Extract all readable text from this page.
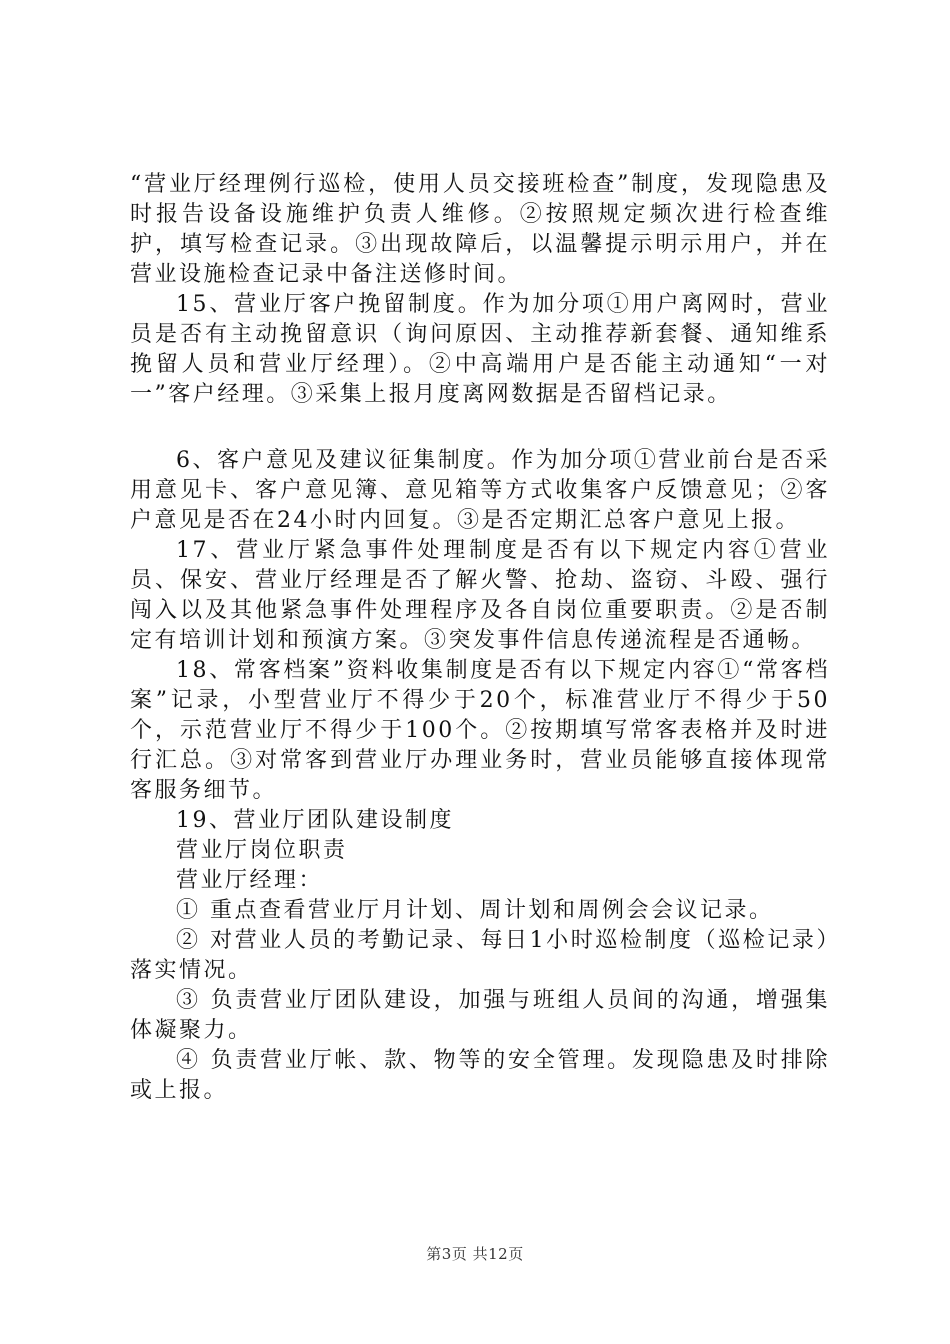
“营业厅经理例行巡检，使用人员交接班检查”制度，发现隐患及时报告设备设施维护负责人维修。②按照规定频次进行检查维护，填写检查记录。③出现故障后，以温馨提示明示用户，并在营业设施检查记录中备注送修时间。

15、营业厅客户挽留制度。作为加分项①用户离网时，营业员是否有主动挽留意识（询问原因、主动推荐新套餐、通知维系挽留人员和营业厅经理）。②中高端用户是否能主动通知“一对一”客户经理。③采集上报月度离网数据是否留档记录。

6、客户意见及建议征集制度。作为加分项①营业前台是否采用意见卡、客户意见簿、意见箱等方式收集客户反馈意见；②客户意见是否在24小时内回复。③是否定期汇总客户意见上报。

17、营业厅紧急事件处理制度是否有以下规定内容①营业员、保安、营业厅经理是否了解火警、抢劫、盗窃、斗殴、强行闯入以及其他紧急事件处理程序及各自岗位重要职责。②是否制定有培训计划和预演方案。③突发事件信息传递流程是否通畅。

18、常客档案”资料收集制度是否有以下规定内容①“常客档案”记录，小型营业厅不得少于20个，标准营业厅不得少于50个，示范营业厅不得少于100个。②按期填写常客表格并及时进行汇总。③对常客到营业厅办理业务时，营业员能够直接体现常客服务细节。

19、营业厅团队建设制度

营业厅岗位职责

营业厅经理：

① 重点查看营业厅月计划、周计划和周例会会议记录。

② 对营业人员的考勤记录、每日1小时巡检制度（巡检记录）落实情况。

③ 负责营业厅团队建设，加强与班组人员间的沟通，增强集体凝聚力。

④ 负责营业厅帐、款、物等的安全管理。发现隐患及时排除或上报。

第3页 共12页
